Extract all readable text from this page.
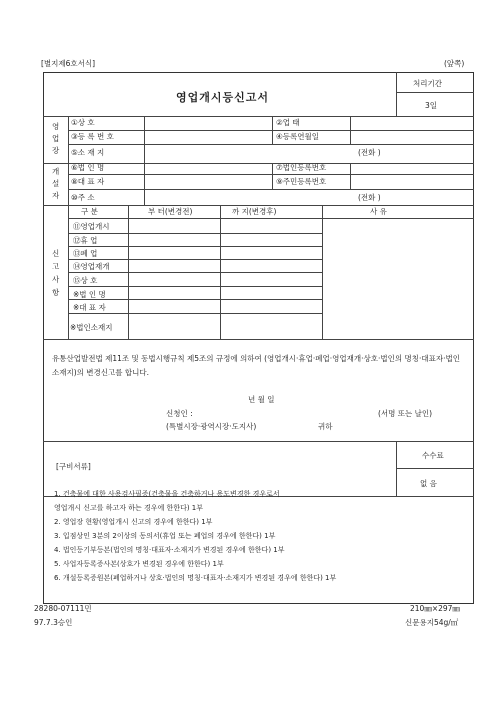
[별지제6호서식]	(앞쪽)
영업개시등신고서
처리기간
3일
영
업
장
①상 호	②업 태
③등 록 번 호	④등록연월일
⑤소 재 지	(전화 )
개
설
자
⑥법 인 명	⑦법인등록번호
⑧대 표 자	⑨주민등록번호
⑩주 소	(전화 )
신
고
사
항
구 분	부 터(변경전)	까 지(변경후)	사 유
⑪영업개시
⑫휴 업
⑬폐 업
⑭영업재개
⑮상 호
※법 인 명
※대 표 자
※법인소재지
유통산업발전법 제11조 및 동법시행규칙 제5조의 규정에 의하여 (영업개시·휴업·폐업·영업재개·상호·법인의 명칭·대표자·법인소재지)의 변경신고를 합니다.
년 월 일
신청인 :	(서명 또는 날인)
(특별시장·광역시장·도지사)	귀하
[구비서류]
수수료
없 음
1. 건축물에 대한 사용검사필증(건축물을 건축하거나 용도변경한 경우로서
영업개시 신고를 하고자 하는 경우에 한한다) 1부
2. 영업장 현황(영업개시 신고의 경우에 한한다) 1부
3. 입점상인 3분의 2이상의 동의서(휴업 또는 폐업의 경우에 한한다) 1부
4. 법인등기부등본(법인의 명칭·대표자·소재지가 변경된 경우에 한한다) 1부
5. 사업자등록증사본(상호가 변경된 경우에 한한다) 1부
6. 개설등록증원본(폐업하거나 상호·법인의 명칭·대표자·소재지가 변경된 경우에 한한다) 1부
28280-07111민
97.7.3승인
210㎜×297㎜
신문용지54g/㎡
